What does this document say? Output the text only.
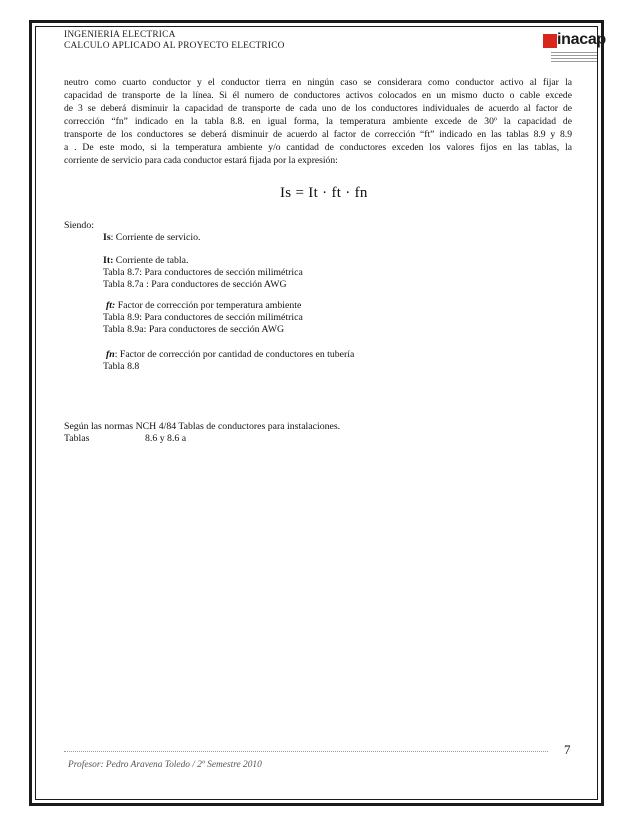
INGENIERIA ELECTRICA
CALCULO APLICADO AL PROYECTO ELECTRICO	inacap
neutro como cuarto conductor y el conductor tierra en ningún caso se considerara como conductor activo al fijar la
capacidad de transporte de la línea. Si él numero de conductores activos colocados en un mismo ducto o cable excede
de 3 se deberá disminuir la capacidad de transporte de cada uno de los conductores individuales de acuerdo al factor de
corrección “fn” indicado en la tabla 8.8. en igual forma, la temperatura ambiente excede de 30º la capacidad de
transporte de los conductores se deberá disminuir de acuerdo al factor de corrección “ft” indicado en las tablas 8.9 y 8.9
a . De este modo, si la temperatura ambiente y/o cantidad de conductores exceden los valores fijos en las tablas, la
corriente de servicio para cada conductor estará fijada por la expresión:
Is = It · ft · fn
Siendo:
Is: Corriente de servicio.
It: Corriente de tabla.
Tabla 8.7: Para conductores de sección milimétrica
Tabla 8.7a : Para conductores de sección AWG
ft: Factor de corrección por temperatura ambiente
Tabla 8.9: Para conductores de sección milimétrica
Tabla 8.9a: Para conductores de sección AWG
fn: Factor de corrección por cantidad de conductores en tubería
Tabla 8.8
Según las normas NCH 4/84 Tablas de conductores para instalaciones.
Tablas	8.6 y 8.6 a
7
Profesor: Pedro Aravena Toledo / 2º Semestre 2010
